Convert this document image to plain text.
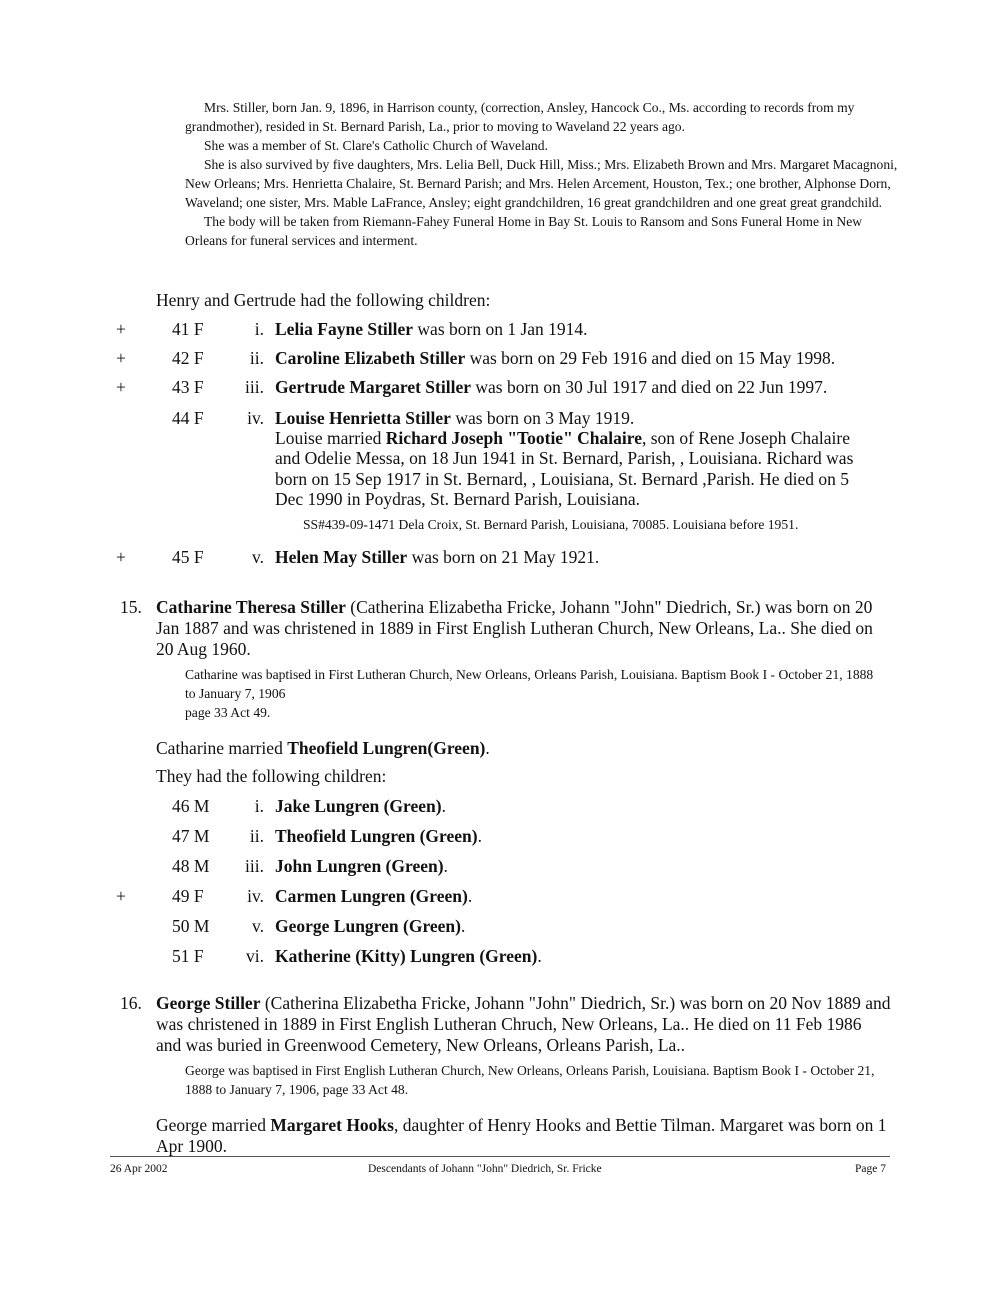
Mrs. Stiller, born Jan. 9, 1896, in Harrison county, (correction, Ansley, Hancock Co., Ms. according to records from my grandmother), resided in St. Bernard Parish, La., prior to moving to Waveland 22 years ago.

She was a member of St. Clare's Catholic Church of Waveland.

She is also survived by five daughters, Mrs. Lelia Bell, Duck Hill, Miss.; Mrs. Elizabeth Brown and Mrs. Margaret Macagnoni, New Orleans; Mrs. Henrietta Chalaire, St. Bernard Parish; and Mrs. Helen Arcement, Houston, Tex.; one brother, Alphonse Dorn, Waveland; one sister, Mrs. Mable LaFrance, Ansley; eight grandchildren, 16 great grandchildren and one great great grandchild.

The body will be taken from Riemann-Fahey Funeral Home in Bay St. Louis to Ransom and Sons Funeral Home in New Orleans for funeral services and interment.

Henry and Gertrude had the following children:
+	41 F	i. Lelia Fayne Stiller was born on 1 Jan 1914.
+	42 F	ii. Caroline Elizabeth Stiller was born on 29 Feb 1916 and died on 15 May 1998.
+	43 F	iii. Gertrude Margaret Stiller was born on 30 Jul 1917 and died on 22 Jun 1997.
44 F	iv. Louise Henrietta Stiller was born on 3 May 1919.
Louise married Richard Joseph "Tootie" Chalaire, son of Rene Joseph Chalaire and Odelie Messa, on 18 Jun 1941 in St. Bernard, Parish, , Louisiana. Richard was born on 15 Sep 1917 in St. Bernard, , Louisiana, St. Bernard ,Parish. He died on 5 Dec 1990 in Poydras, St. Bernard Parish, Louisiana.
SS#439-09-1471 Dela Croix, St. Bernard Parish, Louisiana, 70085. Louisiana before 1951.
+	45 F	v. Helen May Stiller was born on 21 May 1921.
15. Catharine Theresa Stiller (Catherina Elizabetha Fricke, Johann "John" Diedrich, Sr.) was born on 20 Jan 1887 and was christened in 1889 in First English Lutheran Church, New Orleans, La.. She died on 20 Aug 1960.
Catharine was baptised in First Lutheran Church, New Orleans, Orleans Parish, Louisiana. Baptism Book I - October 21, 1888 to January 7, 1906
page 33 Act 49.
Catharine married Theofield Lungren(Green).
They had the following children:
46 M	i. Jake Lungren (Green).
47 M	ii. Theofield Lungren (Green).
48 M	iii. John Lungren (Green).
+	49 F	iv. Carmen Lungren (Green).
50 M	v. George Lungren (Green).
51 F	vi. Katherine (Kitty) Lungren (Green).
16. George Stiller (Catherina Elizabetha Fricke, Johann "John" Diedrich, Sr.) was born on 20 Nov 1889 and was christened in 1889 in First English Lutheran Chruch, New Orleans, La.. He died on 11 Feb 1986 and was buried in Greenwood Cemetery, New Orleans, Orleans Parish, La..
George was baptised in First English Lutheran Church, New Orleans, Orleans Parish, Louisiana. Baptism Book I - October 21, 1888 to January 7, 1906, page 33 Act 48.
George married Margaret Hooks, daughter of Henry Hooks and Bettie Tilman. Margaret was born on 1 Apr 1900.
26 Apr 2002	Descendants of Johann "John" Diedrich, Sr. Fricke	Page 7
